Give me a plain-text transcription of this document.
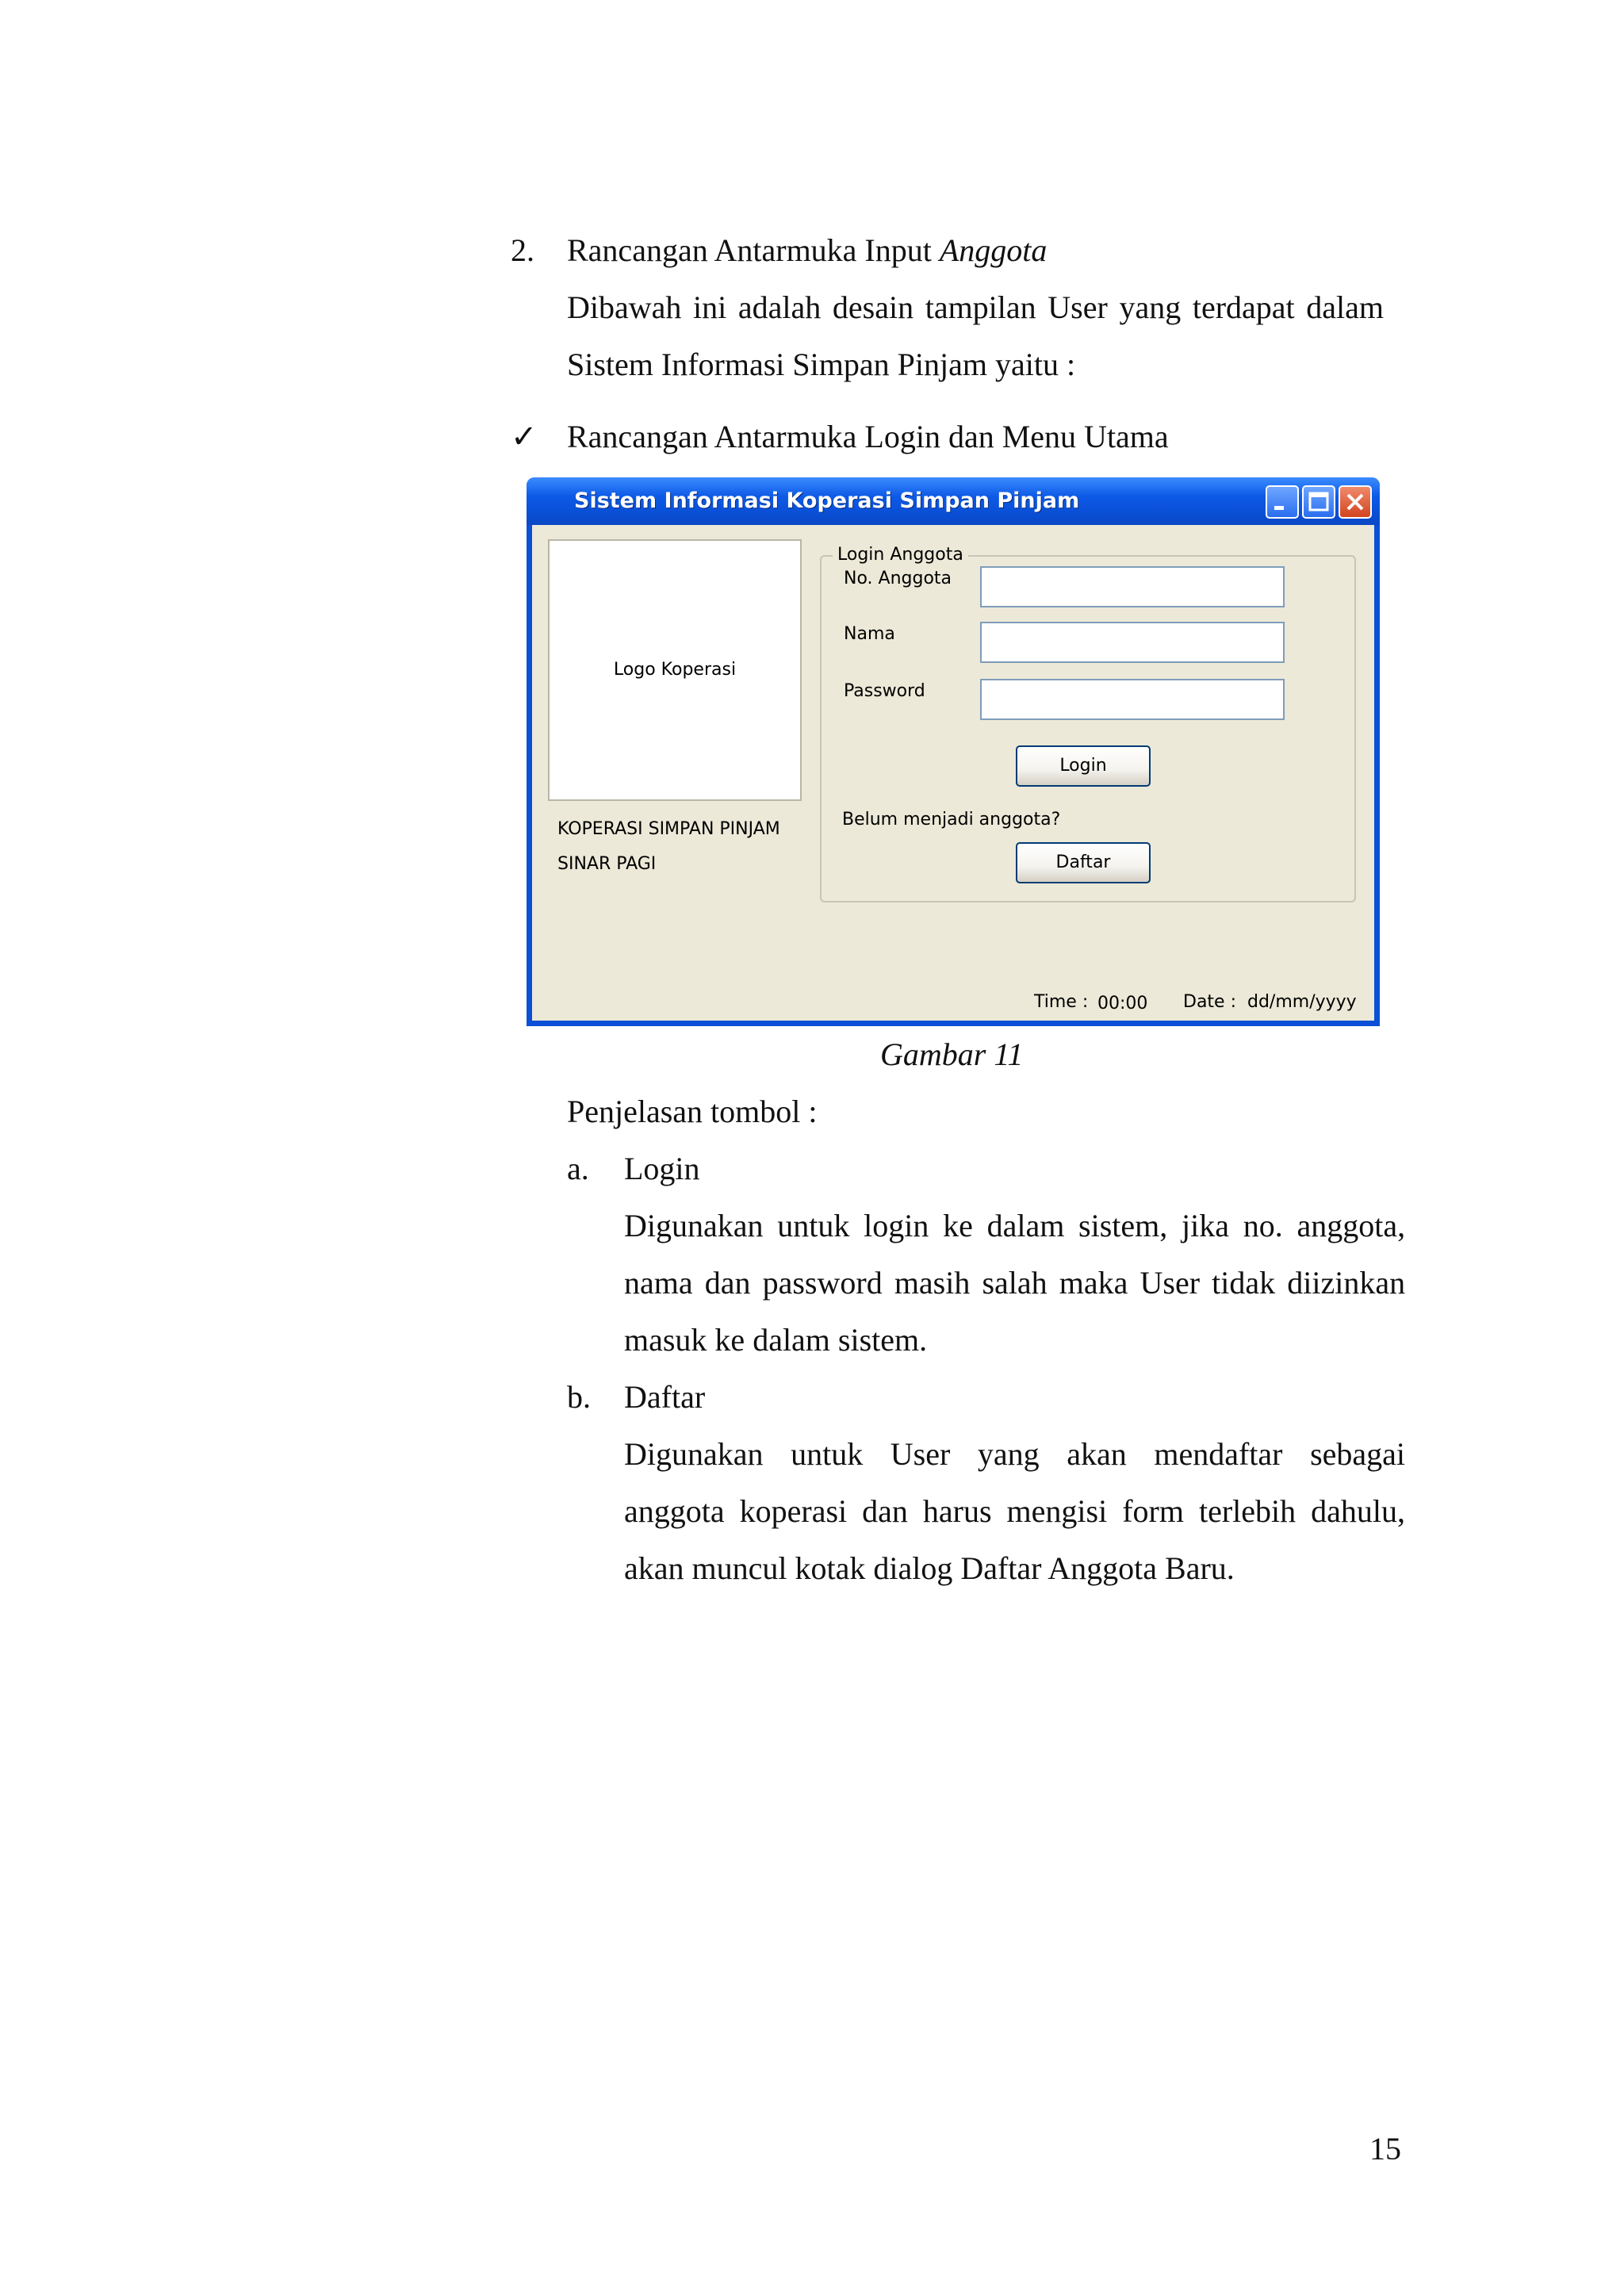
2. Rancangan Antarmuka Input Anggota
Dibawah ini adalah desain tampilan User yang terdapat dalam
Sistem Informasi Simpan Pinjam yaitu :
✓ Rancangan Antarmuka Login dan Menu Utama
Sistem Informasi Koperasi Simpan Pinjam
Logo Koperasi
KOPERASI SIMPAN PINJAM
SINAR PAGI
Login Anggota
No. Anggota
Nama
Password
Login
Belum menjadi anggota?
Daftar
Time : 00:00 Date : dd/mm/yyyy
Gambar 11
Penjelasan tombol :
a. Login
Digunakan untuk login ke dalam sistem, jika no. anggota,
nama dan password masih salah maka User tidak diizinkan
masuk ke dalam sistem.
b. Daftar
Digunakan untuk User yang akan mendaftar sebagai
anggota koperasi dan harus mengisi form terlebih dahulu,
akan muncul kotak dialog Daftar Anggota Baru.
15
